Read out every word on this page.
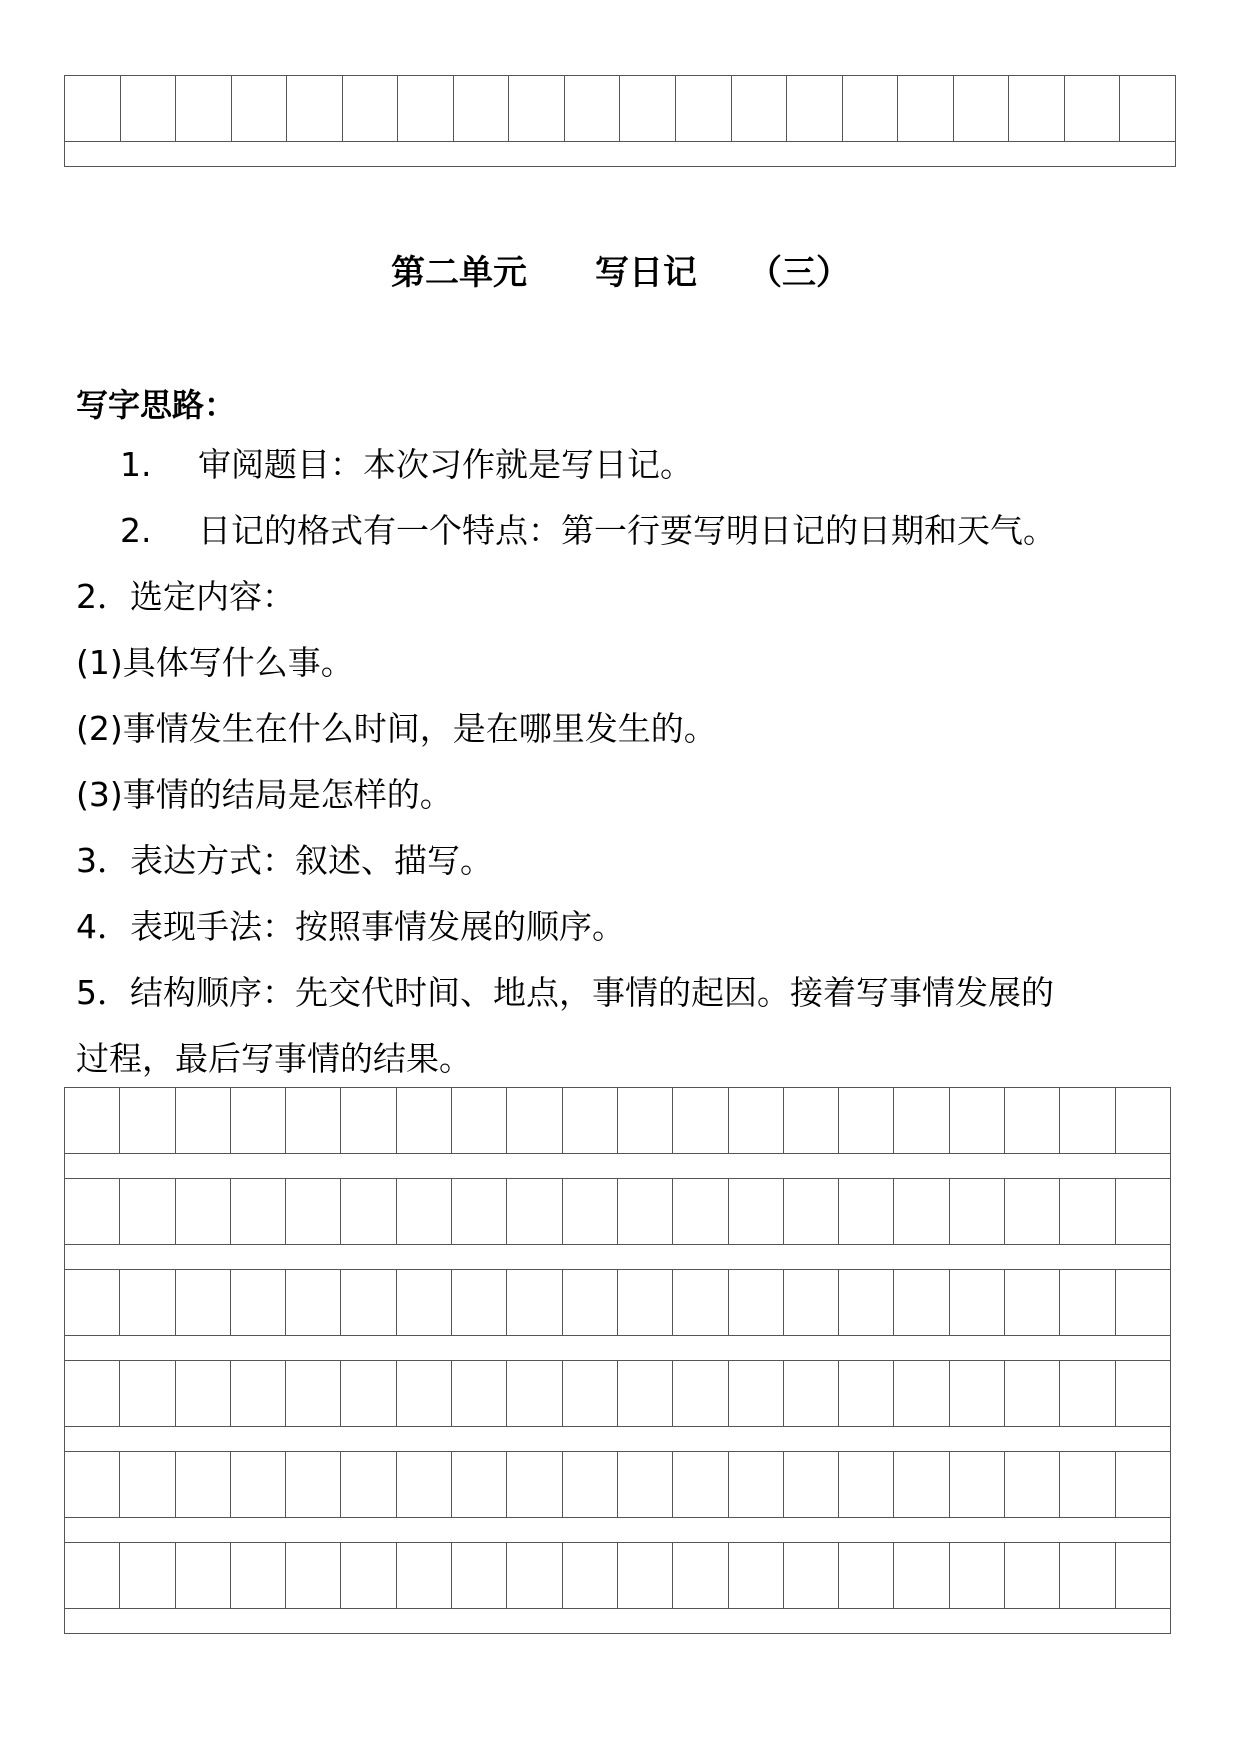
第二单元　　写日记　　（三）
写字思路：
1. 审阅题目：本次习作就是写日记。
2. 日记的格式有一个特点：第一行要写明日记的日期和天气。
2．选定内容：
(1)具体写什么事。
(2)事情发生在什么时间，是在哪里发生的。
(3)事情的结局是怎样的。
3．表达方式：叙述、描写。
4．表现手法：按照事情发展的顺序。
5．结构顺序：先交代时间、地点，事情的起因。接着写事情发展的
过程，最后写事情的结果。
